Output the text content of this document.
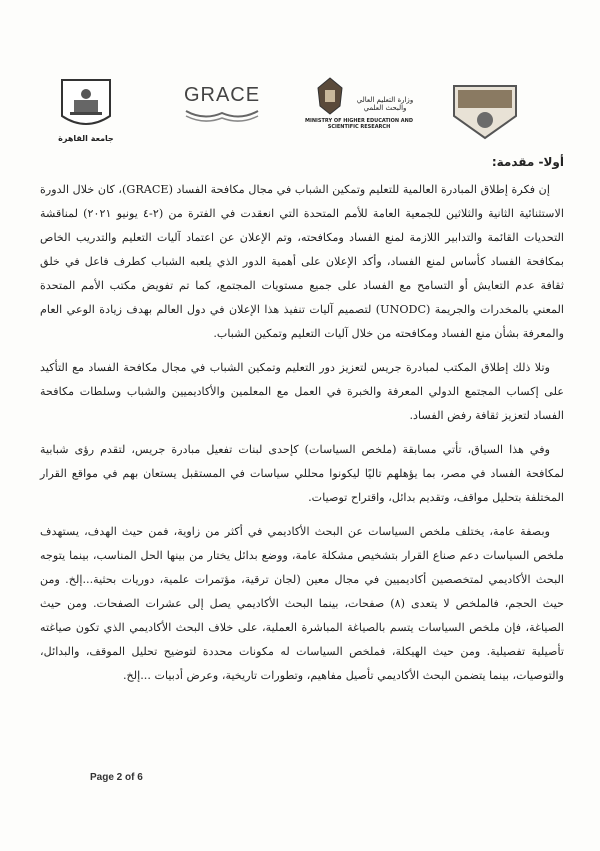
جامعة القاهرة
GRACE	وزارة التعليم العالي والبحث العلمي
MINISTRY OF HIGHER EDUCATION AND SCIENTIFIC RESEARCH

أولا- مقدمة:

إن فكرة إطلاق المبادرة العالمية للتعليم وتمكين الشباب في مجال مكافحة الفساد (GRACE)، كان خلال الدورة الاستثنائية الثانية والثلاثين للجمعية العامة للأمم المتحدة التي انعقدت في الفترة من (٢-٤ يونيو ٢٠٢١) لمناقشة التحديات القائمة والتدابير اللازمة لمنع الفساد ومكافحته، وتم الإعلان عن اعتماد آليات التعليم والتدريب الخاص بمكافحة الفساد كأساس لمنع الفساد، وأكد الإعلان على أهمية الدور الذي يلعبه الشباب كطرف فاعل في خلق ثقافة عدم التعايش أو التسامح مع الفساد على جميع مستويات المجتمع، كما تم تفويض مكتب الأمم المتحدة المعني بالمخدرات والجريمة (UNODC) لتصميم آليات تنفيذ هذا الإعلان في دول العالم بهدف زيادة الوعي العام والمعرفة بشأن منع الفساد ومكافحته من خلال آليات التعليم وتمكين الشباب.

وتلا ذلك إطلاق المكتب لمبادرة جريس لتعزيز دور التعليم وتمكين الشباب في مجال مكافحة الفساد مع التأكيد على إكساب المجتمع الدولي المعرفة والخبرة في العمل مع المعلمين والأكاديميين والشباب وسلطات مكافحة الفساد لتعزيز ثقافة رفض الفساد.

وفي هذا السياق، تأتي مسابقة (ملخص السياسات) كإحدى لبنات تفعيل مبادرة جريس، لتقدم رؤى شبابية لمكافحة الفساد في مصر، بما يؤهلهم تاليًا ليكونوا محللي سياسات في المستقبل يستعان بهم في مواقع القرار المختلفة بتحليل مواقف، وتقديم بدائل، واقتراح توصيات.

وبصفة عامة، يختلف ملخص السياسات عن البحث الأكاديمي في أكثر من زاوية، فمن حيث الهدف، يستهدف ملخص السياسات دعم صناع القرار بتشخيص مشكلة عامة، ووضع بدائل يختار من بينها الحل المناسب، بينما يتوجه البحث الأكاديمي لمتخصصين أكاديميين في مجال معين (لجان ترقية، مؤتمرات علمية، دوريات بحثية...إلخ. ومن حيث الحجم، فالملخص لا يتعدى (٨) صفحات، بينما البحث الأكاديمي يصل إلى عشرات الصفحات. ومن حيث الصياغة، فإن ملخص السياسات يتسم بالصياغة المباشرة العملية، على خلاف البحث الأكاديمي الذي تكون صياغته تأصيلية تفصيلية. ومن حيث الهيكلة، فملخص السياسات له مكونات محددة لتوضيح تحليل الموقف، والبدائل، والتوصيات، بينما يتضمن البحث الأكاديمي تأصيل مفاهيم، وتطورات تاريخية، وعرض أدبيات ...إلخ.

Page 2 of 6
